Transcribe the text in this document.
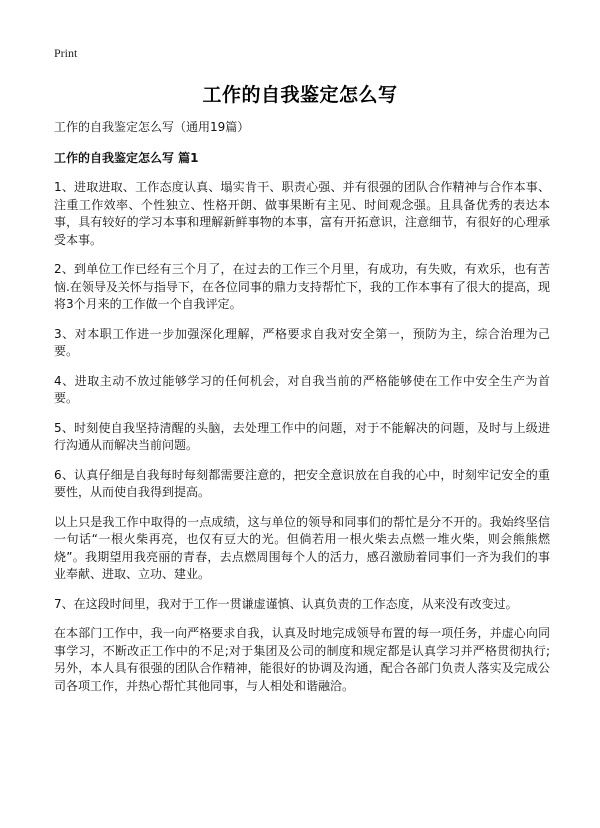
Print
工作的自我鉴定怎么写

工作的自我鉴定怎么写（通用19篇）

工作的自我鉴定怎么写 篇1

1、进取进取、工作态度认真、塌实肯干、职责心强、并有很强的团队合作精神与合作本事、注重工作效率、个性独立、性格开朗、做事果断有主见、时间观念强。且具备优秀的表达本事，具有较好的学习本事和理解新鲜事物的本事，富有开拓意识，注意细节，有很好的心理承受本事。

2、到单位工作已经有三个月了，在过去的工作三个月里，有成功，有失败，有欢乐，也有苦恼.在领导及关怀与指导下，在各位同事的鼎力支持帮忙下，我的工作本事有了很大的提高，现将3个月来的工作做一个自我评定。

3、对本职工作进一步加强深化理解，严格要求自我对安全第一，预防为主，综合治理为己要。

4、进取主动不放过能够学习的任何机会，对自我当前的严格能够使在工作中安全生产为首要。

5、时刻使自我坚持清醒的头脑，去处理工作中的问题，对于不能解决的问题，及时与上级进行沟通从而解决当前问题。

6、认真仔细是自我每时每刻都需要注意的，把安全意识放在自我的心中，时刻牢记安全的重要性，从而使自我得到提高。

以上只是我工作中取得的一点成绩，这与单位的领导和同事们的帮忙是分不开的。我始终坚信一句话“一根火柴再亮，也仅有豆大的光。但倘若用一根火柴去点燃一堆火柴，则会熊熊燃烧”。我期望用我亮丽的青春，去点燃周围每个人的活力，感召激励着同事们一齐为我们的事业奉献、进取、立功、建业。

7、在这段时间里，我对于工作一贯谦虚谨慎、认真负责的工作态度，从来没有改变过。

在本部门工作中，我一向严格要求自我，认真及时地完成领导布置的每一项任务，并虚心向同事学习，不断改正工作中的不足;对于集团及公司的制度和规定都是认真学习并严格贯彻执行;另外，本人具有很强的团队合作精神，能很好的协调及沟通，配合各部门负责人落实及完成公司各项工作，并热心帮忙其他同事，与人相处和谐融洽。
